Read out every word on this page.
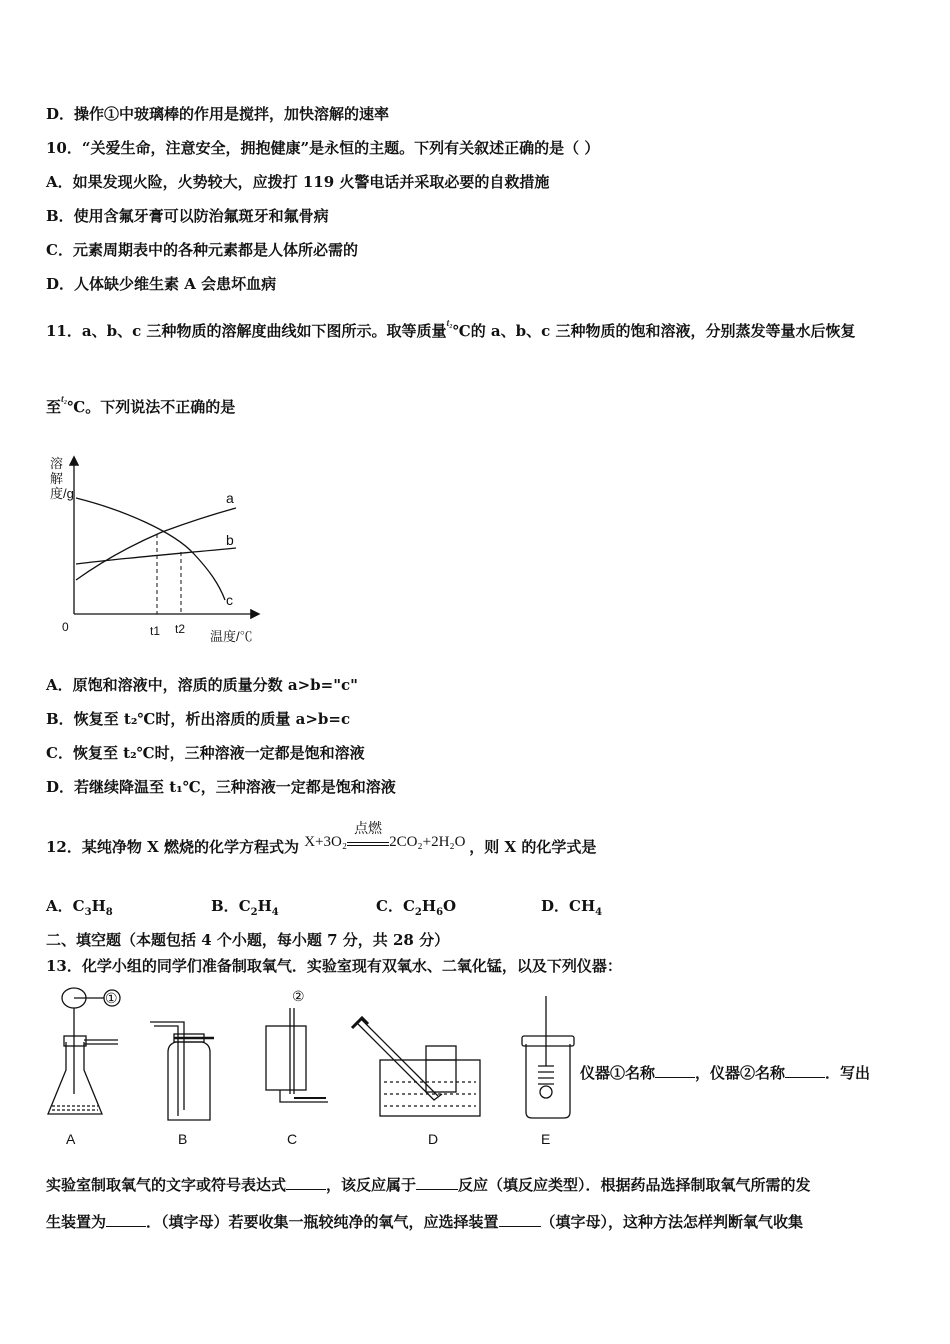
D．操作①中玻璃棒的作用是搅拌，加快溶解的速率
10．“关爱生命，注意安全，拥抱健康”是永恒的主题。下列有关叙述正确的是（ ）
A．如果发现火险，火势较大，应拨打 119 火警电话并采取必要的自救措施
B．使用含氟牙膏可以防治氟斑牙和氟骨病
C．元素周期表中的各种元素都是人体所必需的
D．人体缺少维生素 A 会患坏血病
11．a、b、c 三种物质的溶解度曲线如下图所示。取等质量$^{t_2}$℃的 a、b、c 三种物质的饱和溶液，分别蒸发等量水后恢复
至$^{t_2}$℃。下列说法不正确的是
溶解度/g	a
b
c
0	t1 t2 温度/℃
A．原饱和溶液中，溶质的质量分数 a>b="c"
B．恢复至 t₂℃时，析出溶质的质量 a>b=c
C．恢复至 t₂℃时，三种溶液一定都是饱和溶液
D．若继续降温至 t₁℃，三种溶液一定都是饱和溶液
12．某纯净物 X 燃烧的化学方程式为 X+3O₂
点燃
2CO₂+2H₂O ，则 X 的化学式是
A．$C_3H_8$	B．$C_2H_4$	C．$C_2H_6O$	D．$CH_4$
二、填空题（本题包括 4 个小题，每小题 7 分，共 28 分）
13．化学小组的同学们准备制取氧气．实验室现有双氧水、二氧化锰，以及下列仪器：
①	②
A	B	C	D	E
仪器①名称	，仪器②名称	．写出
实验室制取氧气的文字或符号表达式	，该反应属于	反应（填反应类型）．根据药品选择制取氧气所需的发
生装置为	．（填字母）若要收集一瓶较纯净的氧气，应选择装置	（填字母），这种方法怎样判断氧气收集
